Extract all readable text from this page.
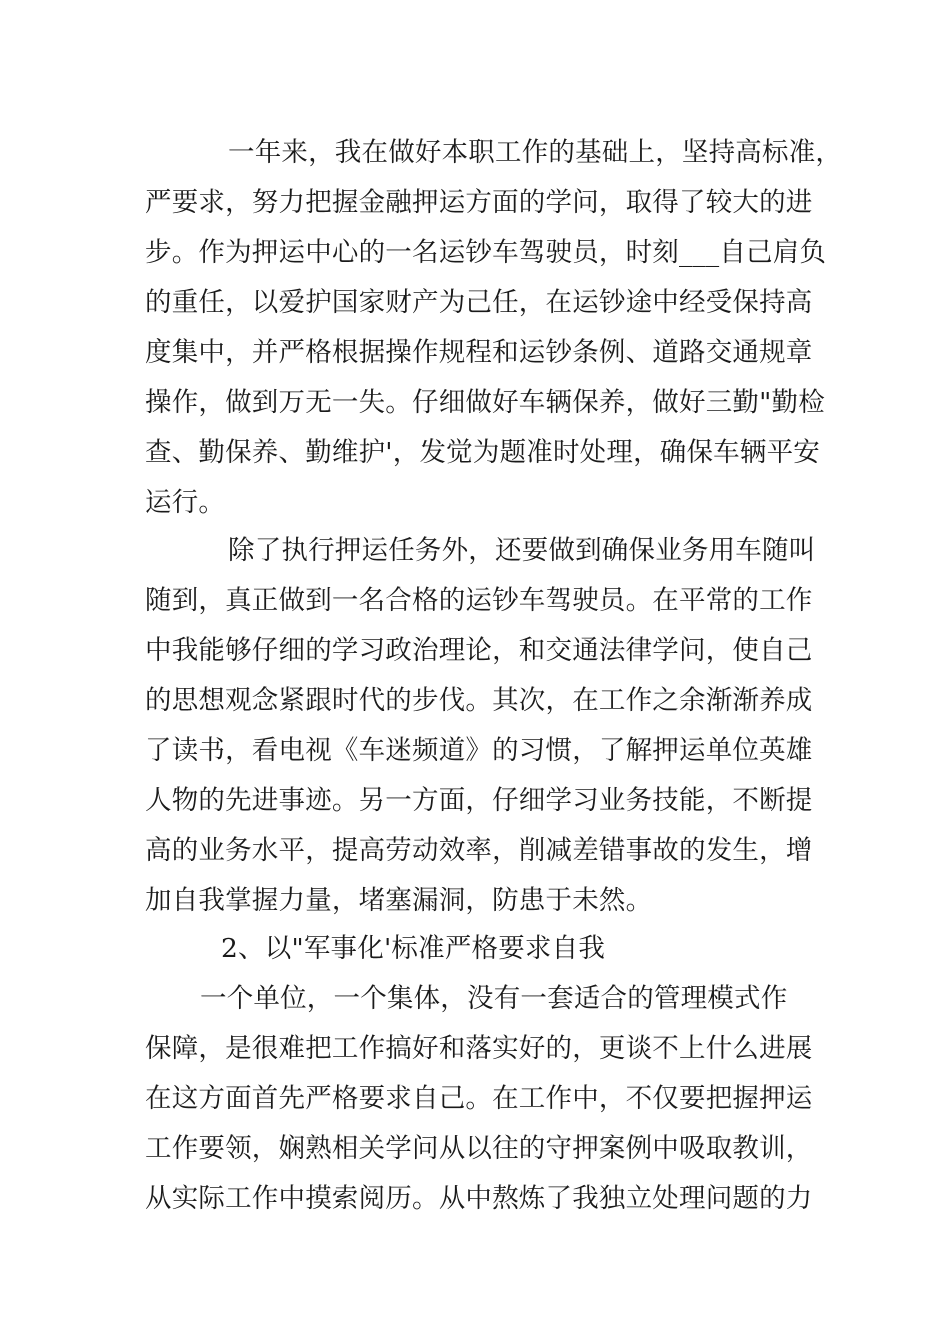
一年来，我在做好本职工作的基础上，坚持高标准，
严要求，努力把握金融押运方面的学问，取得了较大的进
步。作为押运中心的一名运钞车驾驶员，时刻___自己肩负
的重任，以爱护国家财产为己任，在运钞途中经受保持高
度集中，并严格根据操作规程和运钞条例、道路交通规章
操作，做到万无一失。仔细做好车辆保养，做好三勤"勤检
查、勤保养、勤维护'，发觉为题准时处理，确保车辆平安
运行。
除了执行押运任务外，还要做到确保业务用车随叫
随到，真正做到一名合格的运钞车驾驶员。在平常的工作
中我能够仔细的学习政治理论，和交通法律学问，使自己
的思想观念紧跟时代的步伐。其次，在工作之余渐渐养成
了读书，看电视《车迷频道》的习惯，了解押运单位英雄
人物的先进事迹。另一方面，仔细学习业务技能，不断提
高的业务水平，提高劳动效率，削减差错事故的发生，增
加自我掌握力量，堵塞漏洞，防患于未然。
2、以"军事化'标准严格要求自我
一个单位，一个集体，没有一套适合的管理模式作
保障，是很难把工作搞好和落实好的，更谈不上什么进展
在这方面首先严格要求自己。在工作中，不仅要把握押运
工作要领，娴熟相关学问从以往的守押案例中吸取教训，
从实际工作中摸索阅历。从中熬炼了我独立处理问题的力
